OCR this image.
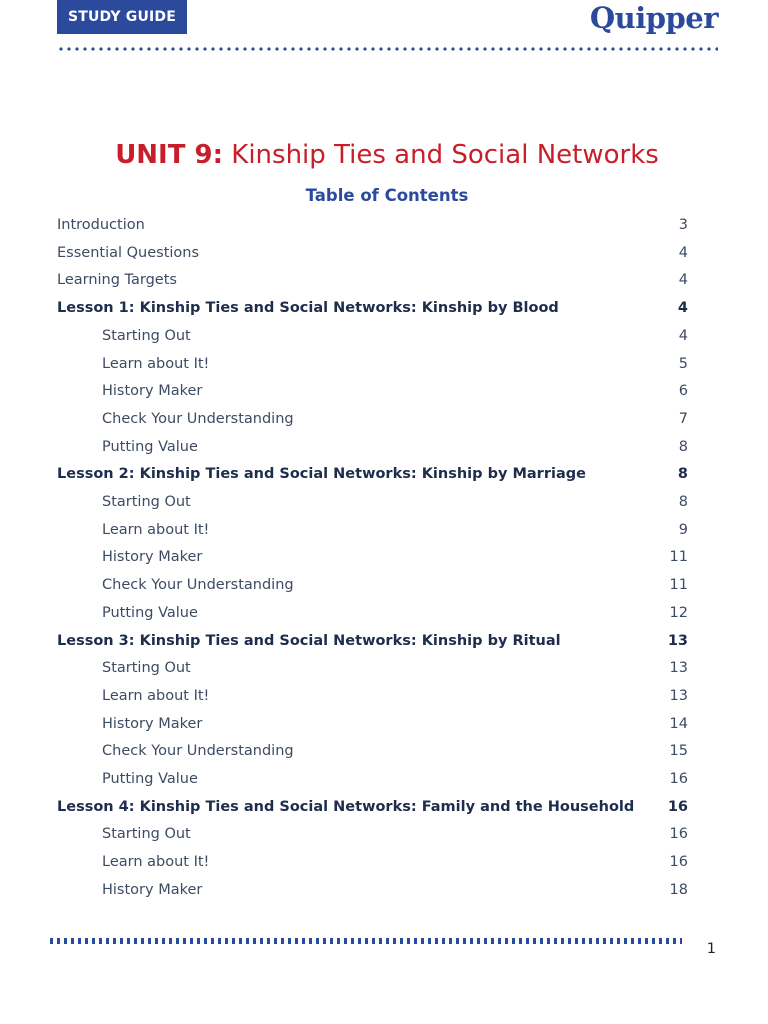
STUDY GUIDE	Quipper
UNIT 9: Kinship Ties and Social Networks
Table of Contents
Introduction	3
Essential Questions	4
Learning Targets	4
Lesson 1: Kinship Ties and Social Networks: Kinship by Blood	4
Starting Out	4
Learn about It!	5
History Maker	6
Check Your Understanding	7
Putting Value	8
Lesson 2: Kinship Ties and Social Networks: Kinship by Marriage	8
Starting Out	8
Learn about It!	9
History Maker	11
Check Your Understanding	11
Putting Value	12
Lesson 3: Kinship Ties and Social Networks: Kinship by Ritual	13
Starting Out	13
Learn about It!	13
History Maker	14
Check Your Understanding	15
Putting Value	16
Lesson 4: Kinship Ties and Social Networks: Family and the Household 16
Starting Out	16
Learn about It!	16
History Maker	18
1
